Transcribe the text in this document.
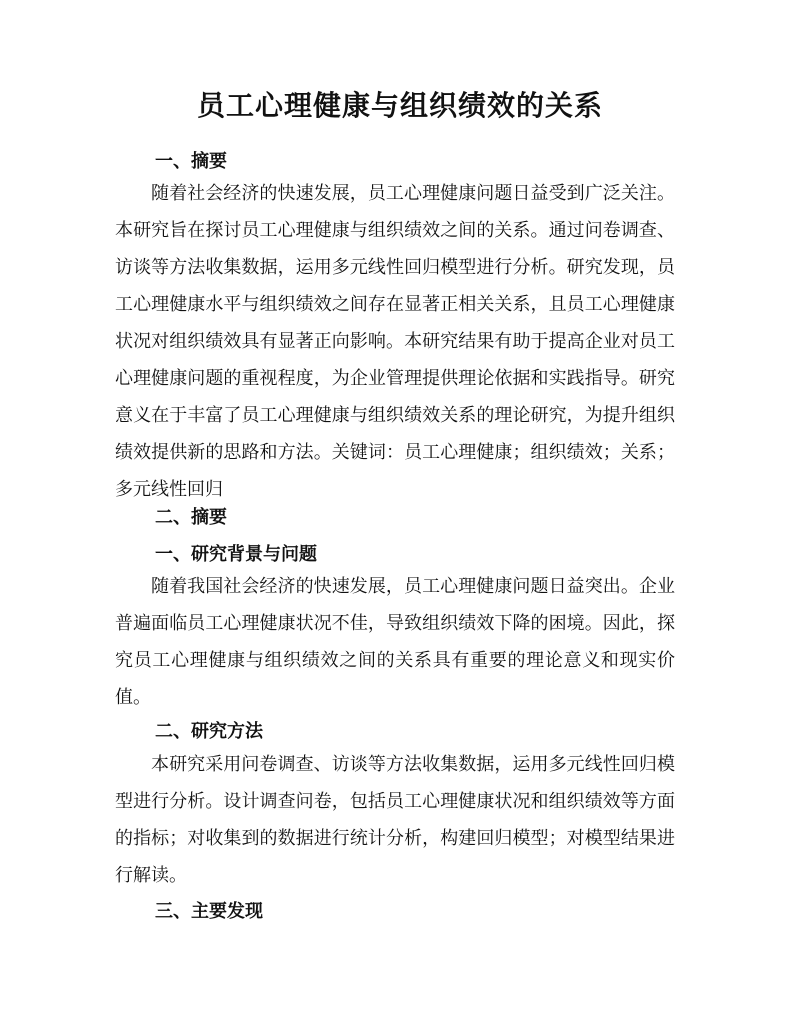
员工心理健康与组织绩效的关系
一、摘要

随着社会经济的快速发展，员工心理健康问题日益受到广泛关注。本研究旨在探讨员工心理健康与组织绩效之间的关系。通过问卷调查、访谈等方法收集数据，运用多元线性回归模型进行分析。研究发现，员工心理健康水平与组织绩效之间存在显著正相关关系，且员工心理健康状况对组织绩效具有显著正向影响。本研究结果有助于提高企业对员工心理健康问题的重视程度，为企业管理提供理论依据和实践指导。研究意义在于丰富了员工心理健康与组织绩效关系的理论研究，为提升组织绩效提供新的思路和方法。关键词：员工心理健康；组织绩效；关系；多元线性回归

二、摘要
一、研究背景与问题

随着我国社会经济的快速发展，员工心理健康问题日益突出。企业普遍面临员工心理健康状况不佳，导致组织绩效下降的困境。因此，探究员工心理健康与组织绩效之间的关系具有重要的理论意义和现实价值。

二、研究方法

本研究采用问卷调查、访谈等方法收集数据，运用多元线性回归模型进行分析。设计调查问卷，包括员工心理健康状况和组织绩效等方面的指标；对收集到的数据进行统计分析，构建回归模型；对模型结果进行解读。

三、主要发现
